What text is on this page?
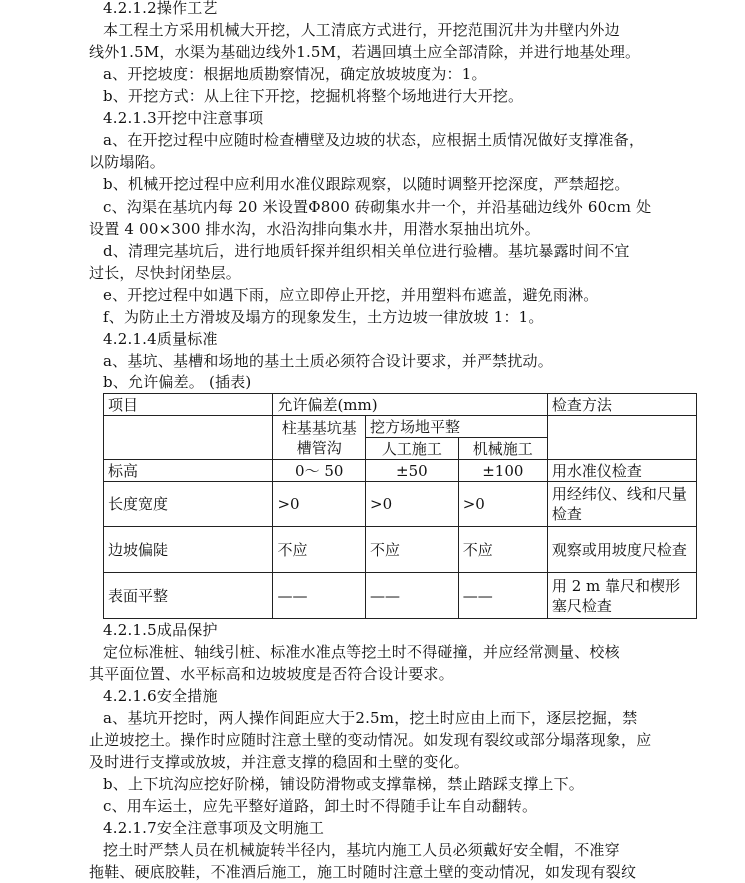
4.2.1.2操作工艺
本工程土方采用机械大开挖，人工清底方式进行，开挖范围沉井为井壁内外边
线外1.5M，水渠为基础边线外1.5M，若遇回填土应全部清除，并进行地基处理。
a、开挖坡度：根据地质勘察情况，确定放坡坡度为：1。
b、开挖方式：从上往下开挖，挖掘机将整个场地进行大开挖。
4.2.1.3开挖中注意事项
a、在开挖过程中应随时检查槽壁及边坡的状态，应根据土质情况做好支撑准备，
以防塌陷。
b、机械开挖过程中应利用水准仪跟踪观察，以随时调整开挖深度，严禁超挖。
c、沟渠在基坑内每 20 米设置Φ800 砖砌集水井一个，并沿基础边线外 60cｍ 处
设置 4 00×300 排水沟，水沿沟排向集水井，用潜水泵抽出坑外。
d、清理完基坑后，进行地质钎探并组织相关单位进行验槽。基坑暴露时间不宜
过长，尽快封闭垫层。
e、开挖过程中如遇下雨，应立即停止开挖，并用塑料布遮盖，避免雨淋。
f、为防止土方滑坡及塌方的现象发生，土方边坡一律放坡 1：1。
4.2.1.4质量标准
a、基坑、基槽和场地的基土土质必须符合设计要求，并严禁扰动。
b、允许偏差。 (插表)
项目	允许偏差(mm)			检查方法
	柱基基坑基槽管沟	挖方场地平整		
		人工施工	机械施工	
标高	0～ 50	±50	±100	用水准仪检查
长度宽度	>0	>0	>0	用经纬仪、线和尺量检查
边坡偏陡	不应	不应	不应	观察或用坡度尺检查
表面平整	——	——	——	用 2 m 靠尺和楔形塞尺检查
4.2.1.5成品保护
定位标准桩、轴线引桩、标准水准点等挖土时不得碰撞，并应经常测量、校核
其平面位置、水平标高和边坡坡度是否符合设计要求。
4.2.1.6安全措施
a、基坑开挖时，两人操作间距应大于2.5m，挖土时应由上而下，逐层挖掘，禁
止逆坡挖土。操作时应随时注意土壁的变动情况。如发现有裂纹或部分塌落现象，应
及时进行支撑或放坡，并注意支撑的稳固和土壁的变化。
b、上下坑沟应挖好阶梯，铺设防滑物或支撑靠梯，禁止踏踩支撑上下。
c、用车运土，应先平整好道路，卸土时不得随手让车自动翻转。
4.2.1.7安全注意事项及文明施工
挖土时严禁人员在机械旋转半径内，基坑内施工人员必须戴好安全帽，不准穿
拖鞋、硬底胶鞋，不准酒后施工，施工时随时注意土壁的变动情况，如发现有裂纹
